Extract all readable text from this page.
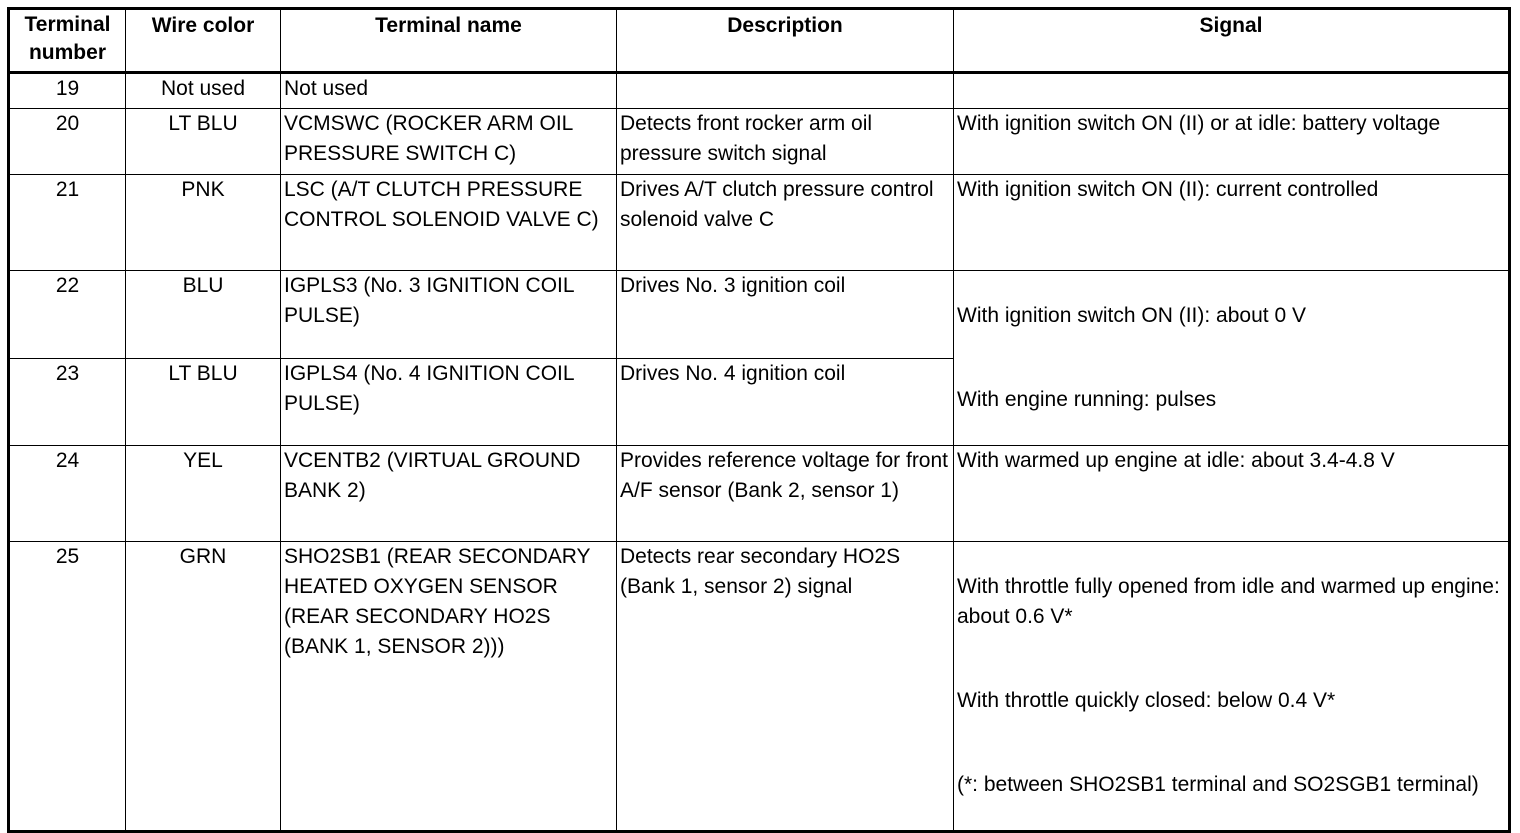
Terminal number	Wire color	Terminal name	Description	Signal
19	Not used	Not used		

20	LT BLU	VCMSWC (ROCKER ARM OIL PRESSURE SWITCH C)	Detects front rocker arm oil pressure switch signal	With ignition switch ON (II) or at idle: battery voltage

21	PNK	LSC (A/T CLUTCH PRESSURE CONTROL SOLENOID VALVE C)	Drives A/T clutch pressure control solenoid valve C	With ignition switch ON (II): current controlled

22	BLU	IGPLS3 (No. 3 IGNITION COIL PULSE)	Drives No. 3 ignition coil	With ignition switch ON (II): about 0 V

With engine running: pulses

23	LT BLU	IGPLS4 (No. 4 IGNITION COIL PULSE)	Drives No. 4 ignition coil	
24	YEL	VCENTB2 (VIRTUAL GROUND BANK 2)	Provides reference voltage for front A/F sensor (Bank 2, sensor 1)	With warmed up engine at idle: about 3.4-4.8 V

25	GRN	SHO2SB1 (REAR SECONDARY HEATED OXYGEN SENSOR (REAR SECONDARY HO2S (BANK 1, SENSOR 2)))	Detects rear secondary HO2S (Bank 1, sensor 2) signal	With throttle fully opened from idle and warmed up engine: about 0.6 V*

With throttle quickly closed: below 0.4 V*

(*: between SHO2SB1 terminal and SO2SGB1 terminal)
